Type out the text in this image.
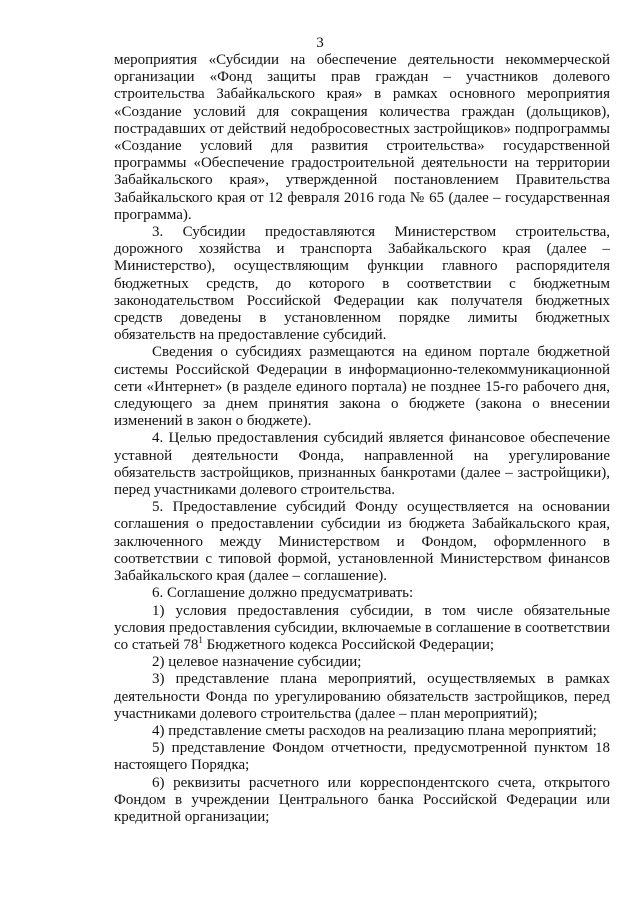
3

мероприятия «Субсидии на обеспечение деятельности некоммерческой организации «Фонд защиты прав граждан – участников долевого строительства Забайкальского края» в рамках основного мероприятия «Создание условий для сокращения количества граждан (дольщиков), пострадавших от действий недобросовестных застройщиков» подпрограммы «Создание условий для развития строительства» государственной программы «Обеспечение градостроительной деятельности на территории Забайкальского края», утвержденной постановлением Правительства Забайкальского края от 12 февраля 2016 года № 65 (далее – государственная программа).

3. Субсидии предоставляются Министерством строительства, дорожного хозяйства и транспорта Забайкальского края (далее – Министерство), осуществляющим функции главного распорядителя бюджетных средств, до которого в соответствии с бюджетным законодательством Российской Федерации как получателя бюджетных средств доведены в установленном порядке лимиты бюджетных обязательств на предоставление субсидий.

Сведения о субсидиях размещаются на едином портале бюджетной системы Российской Федерации в информационно-телекоммуникационной сети «Интернет» (в разделе единого портала) не позднее 15-го рабочего дня, следующего за днем принятия закона о бюджете (закона о внесении изменений в закон о бюджете).

4. Целью предоставления субсидий является финансовое обеспечение уставной деятельности Фонда, направленной на урегулирование обязательств застройщиков, признанных банкротами (далее – застройщики), перед участниками долевого строительства.

5. Предоставление субсидий Фонду осуществляется на основании соглашения о предоставлении субсидии из бюджета Забайкальского края, заключенного между Министерством и Фондом, оформленного в соответствии с типовой формой, установленной Министерством финансов Забайкальского края (далее – соглашение).

6. Соглашение должно предусматривать:

1) условия предоставления субсидии, в том числе обязательные условия предоставления субсидии, включаемые в соглашение в соответствии со статьей $78^1$ Бюджетного кодекса Российской Федерации;

2) целевое назначение субсидии;

3) представление плана мероприятий, осуществляемых в рамках деятельности Фонда по урегулированию обязательств застройщиков, перед участниками долевого строительства (далее – план мероприятий);

4) представление сметы расходов на реализацию плана мероприятий;

5) представление Фондом отчетности, предусмотренной пунктом 18 настоящего Порядка;

6) реквизиты расчетного или корреспондентского счета, открытого Фондом в учреждении Центрального банка Российской Федерации или кредитной организации;
